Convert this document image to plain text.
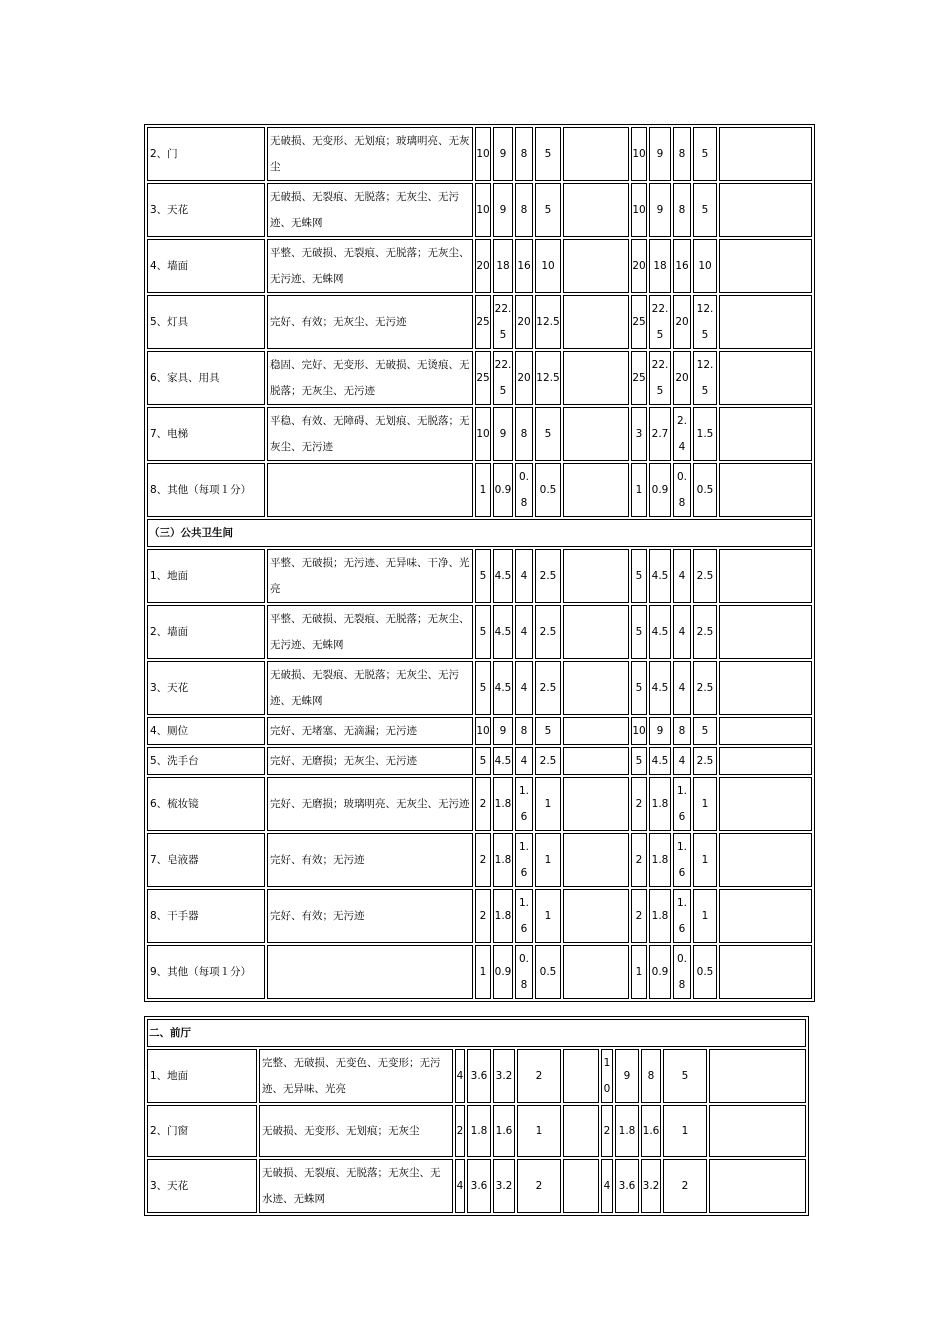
2、门	无破损、无变形、无划痕；玻璃明亮、无灰尘	10	9	8	5		10	9	8	5	
3、天花	无破损、无裂痕、无脱落；无灰尘、无污迹、无蛛网	10	9	8	5		10	9	8	5	
4、墙面	平整、无破损、无裂痕、无脱落；无灰尘、无污迹、无蛛网	20	18	16	10		20	18	16	10	
5、灯具	完好、有效；无灰尘、无污迹	25	22.5	20	12.5		25	22.5	20	12.5	
6、家具、用具	稳固、完好、无变形、无破损、无烫痕、无脱落；无灰尘、无污迹	25	22.5	20	12.5		25	22.5	20	12.5	
7、电梯	平稳、有效、无障碍、无划痕、无脱落；无灰尘、无污迹	10	9	8	5		3	2.7	2.4	1.5	
8、其他（每项１分）		1	0.9	0.8	0.5		1	0.9	0.8	0.5	
（三）公共卫生间											
1、地面	平整、无破损；无污迹、无异味、干净、光亮	5	4.5	4	2.5		5	4.5	4	2.5	
2、墙面	平整、无破损、无裂痕、无脱落；无灰尘、无污迹、无蛛网	5	4.5	4	2.5		5	4.5	4	2.5	
3、天花	无破损、无裂痕、无脱落；无灰尘、无污迹、无蛛网	5	4.5	4	2.5		5	4.5	4	2.5	
4、厕位	完好、无堵塞、无滴漏；无污迹	10	9	8	5		10	9	8	5	
5、洗手台	完好、无磨损；无灰尘、无污迹	5	4.5	4	2.5		5	4.5	4	2.5	
6、梳妆镜	完好、无磨损；玻璃明亮、无灰尘、无污迹	2	1.8	1.6	1		2	1.8	1.6	1	
7、皂液器	完好、有效；无污迹	2	1.8	1.6	1		2	1.8	1.6	1	
8、干手器	完好、有效；无污迹	2	1.8	1.6	1		2	1.8	1.6	1	
9、其他（每项１分）		1	0.9	0.8	0.5		1	0.9	0.8	0.5	
二、前厅											
1、地面	完整、无破损、无变色、无变形；无污迹、无异味、光亮	4	3.6	3.2	2		10	9	8	5	
2、门窗	无破损、无变形、无划痕；无灰尘	2	1.8	1.6	1		2	1.8	1.6	1	
3、天花	无破损、无裂痕、无脱落；无灰尘、无水迹、无蛛网	4	3.6	3.2	2		4	3.6	3.2	2	
